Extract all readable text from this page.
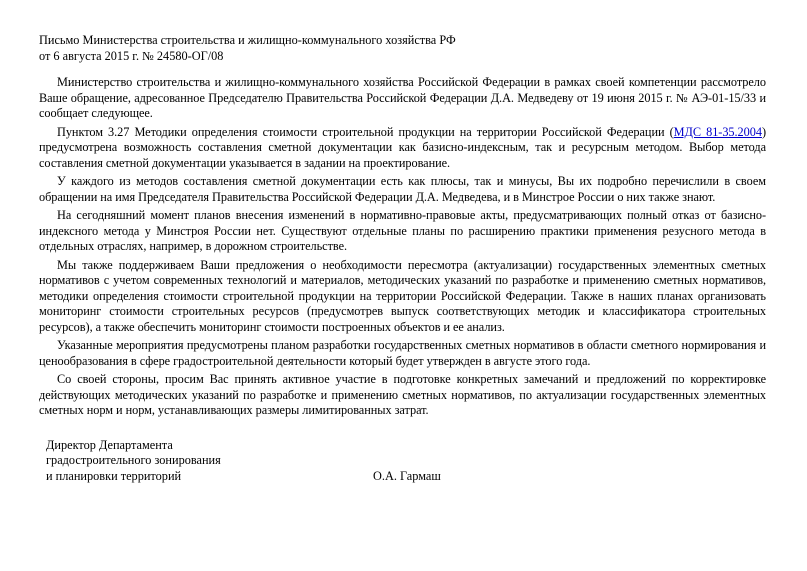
Письмо Министерства строительства и жилищно-коммунального хозяйства РФ
от 6 августа 2015 г. № 24580-ОГ/08

Министерство строительства и жилищно-коммунального хозяйства Российской Федерации в рамках своей компетенции рассмотрело Ваше обращение, адресованное Председателю Правительства Российской Федерации Д.А. Медведеву от 19 июня 2015 г. № АЭ-01-15/33 и сообщает следующее.

Пунктом 3.27 Методики определения стоимости строительной продукции на территории Российской Федерации (МДС 81-35.2004) предусмотрена возможность составления сметной документации как базисно-индексным, так и ресурсным методом. Выбор метода составления сметной документации указывается в задании на проектирование.

У каждого из методов составления сметной документации есть как плюсы, так и минусы, Вы их подробно перечислили в своем обращении на имя Председателя Правительства Российской Федерации Д.А. Медведева, и в Минстрое России о них также знают.

На сегодняшний момент планов внесения изменений в нормативно-правовые акты, предусматривающих полный отказ от базисно-индексного метода у Минстроя России нет. Существуют отдельные планы по расширению практики применения резусного метода в отдельных отраслях, например, в дорожном строительстве.

Мы также поддерживаем Ваши предложения о необходимости пересмотра (актуализации) государственных элементных сметных нормативов с учетом современных технологий и материалов, методических указаний по разработке и применению сметных нормативов, методики определения стоимости строительной продукции на территории Российской Федерации. Также в наших планах организовать мониторинг стоимости строительных ресурсов (предусмотрев выпуск соответствующих методик и классификатора строительных ресурсов), а также обеспечить мониторинг стоимости построенных объектов и ее анализ.

Указанные мероприятия предусмотрены планом разработки государственных сметных нормативов в области сметного нормирования и ценообразования в сфере градостроительной деятельности который будет утвержден в августе этого года.

Со своей стороны, просим Вас принять активное участие в подготовке конкретных замечаний и предложений по корректировке действующих методических указаний по разработке и применению сметных нормативов, по актуализации государственных элементных сметных норм и норм, устанавливающих размеры лимитированных затрат.

Директор Департамента
градостроительного зонирования
и планировки территорий	О.А. Гармаш
